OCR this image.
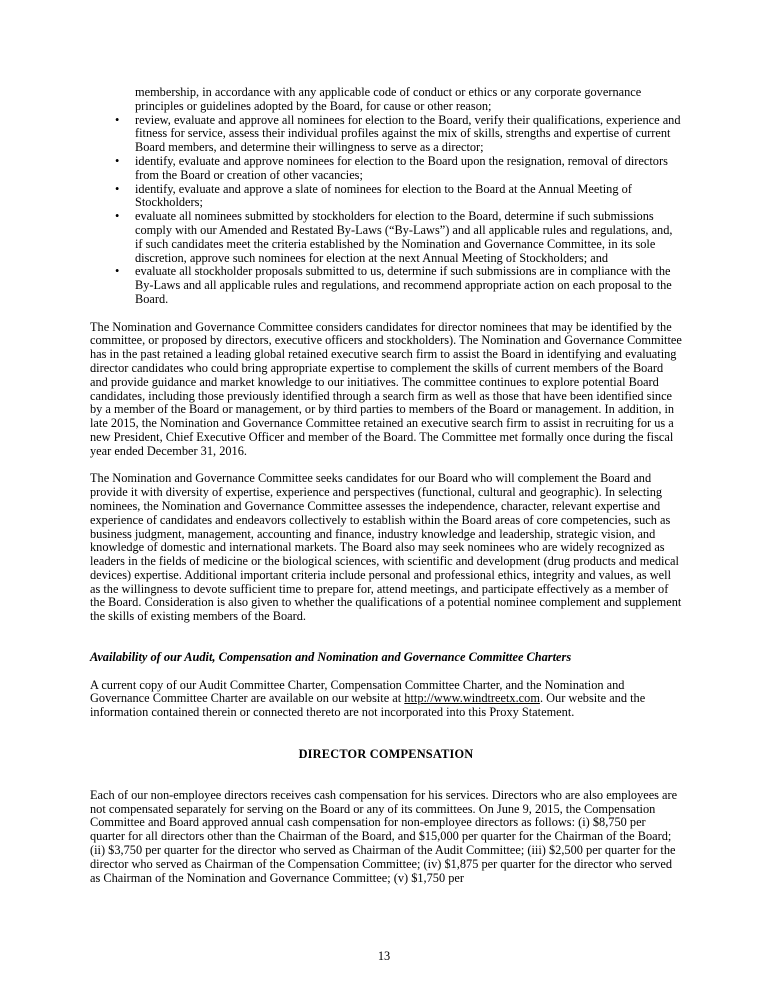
membership, in accordance with any applicable code of conduct or ethics or any corporate governance principles or guidelines adopted by the Board, for cause or other reason;
• review, evaluate and approve all nominees for election to the Board, verify their qualifications, experience and fitness for service, assess their individual profiles against the mix of skills, strengths and expertise of current Board members, and determine their willingness to serve as a director;
• identify, evaluate and approve nominees for election to the Board upon the resignation, removal of directors from the Board or creation of other vacancies;
• identify, evaluate and approve a slate of nominees for election to the Board at the Annual Meeting of Stockholders;
• evaluate all nominees submitted by stockholders for election to the Board, determine if such submissions comply with our Amended and Restated By-Laws (“By-Laws”) and all applicable rules and regulations, and, if such candidates meet the criteria established by the Nomination and Governance Committee, in its sole discretion, approve such nominees for election at the next Annual Meeting of Stockholders; and
• evaluate all stockholder proposals submitted to us, determine if such submissions are in compliance with the By-Laws and all applicable rules and regulations, and recommend appropriate action on each proposal to the Board.

The Nomination and Governance Committee considers candidates for director nominees that may be identified by the committee, or proposed by directors, executive officers and stockholders). The Nomination and Governance Committee has in the past retained a leading global retained executive search firm to assist the Board in identifying and evaluating director candidates who could bring appropriate expertise to complement the skills of current members of the Board and provide guidance and market knowledge to our initiatives. The committee continues to explore potential Board candidates, including those previously identified through a search firm as well as those that have been identified since by a member of the Board or management, or by third parties to members of the Board or management. In addition, in late 2015, the Nomination and Governance Committee retained an executive search firm to assist in recruiting for us a new President, Chief Executive Officer and member of the Board. The Committee met formally once during the fiscal year ended December 31, 2016.

The Nomination and Governance Committee seeks candidates for our Board who will complement the Board and provide it with diversity of expertise, experience and perspectives (functional, cultural and geographic). In selecting nominees, the Nomination and Governance Committee assesses the independence, character, relevant expertise and experience of candidates and endeavors collectively to establish within the Board areas of core competencies, such as business judgment, management, accounting and finance, industry knowledge and leadership, strategic vision, and knowledge of domestic and international markets. The Board also may seek nominees who are widely recognized as leaders in the fields of medicine or the biological sciences, with scientific and development (drug products and medical devices) expertise. Additional important criteria include personal and professional ethics, integrity and values, as well as the willingness to devote sufficient time to prepare for, attend meetings, and participate effectively as a member of the Board. Consideration is also given to whether the qualifications of a potential nominee complement and supplement the skills of existing members of the Board.

Availability of our Audit, Compensation and Nomination and Governance Committee Charters

A current copy of our Audit Committee Charter, Compensation Committee Charter, and the Nomination and Governance Committee Charter are available on our website at http://www.windtreetx.com. Our website and the information contained therein or connected thereto are not incorporated into this Proxy Statement.

DIRECTOR COMPENSATION

Each of our non-employee directors receives cash compensation for his services. Directors who are also employees are not compensated separately for serving on the Board or any of its committees. On June 9, 2015, the Compensation Committee and Board approved annual cash compensation for non-employee directors as follows: (i) $8,750 per quarter for all directors other than the Chairman of the Board, and $15,000 per quarter for the Chairman of the Board; (ii) $3,750 per quarter for the director who served as Chairman of the Audit Committee; (iii) $2,500 per quarter for the director who served as Chairman of the Compensation Committee; (iv) $1,875 per quarter for the director who served as Chairman of the Nomination and Governance Committee; (v) $1,750 per

13
